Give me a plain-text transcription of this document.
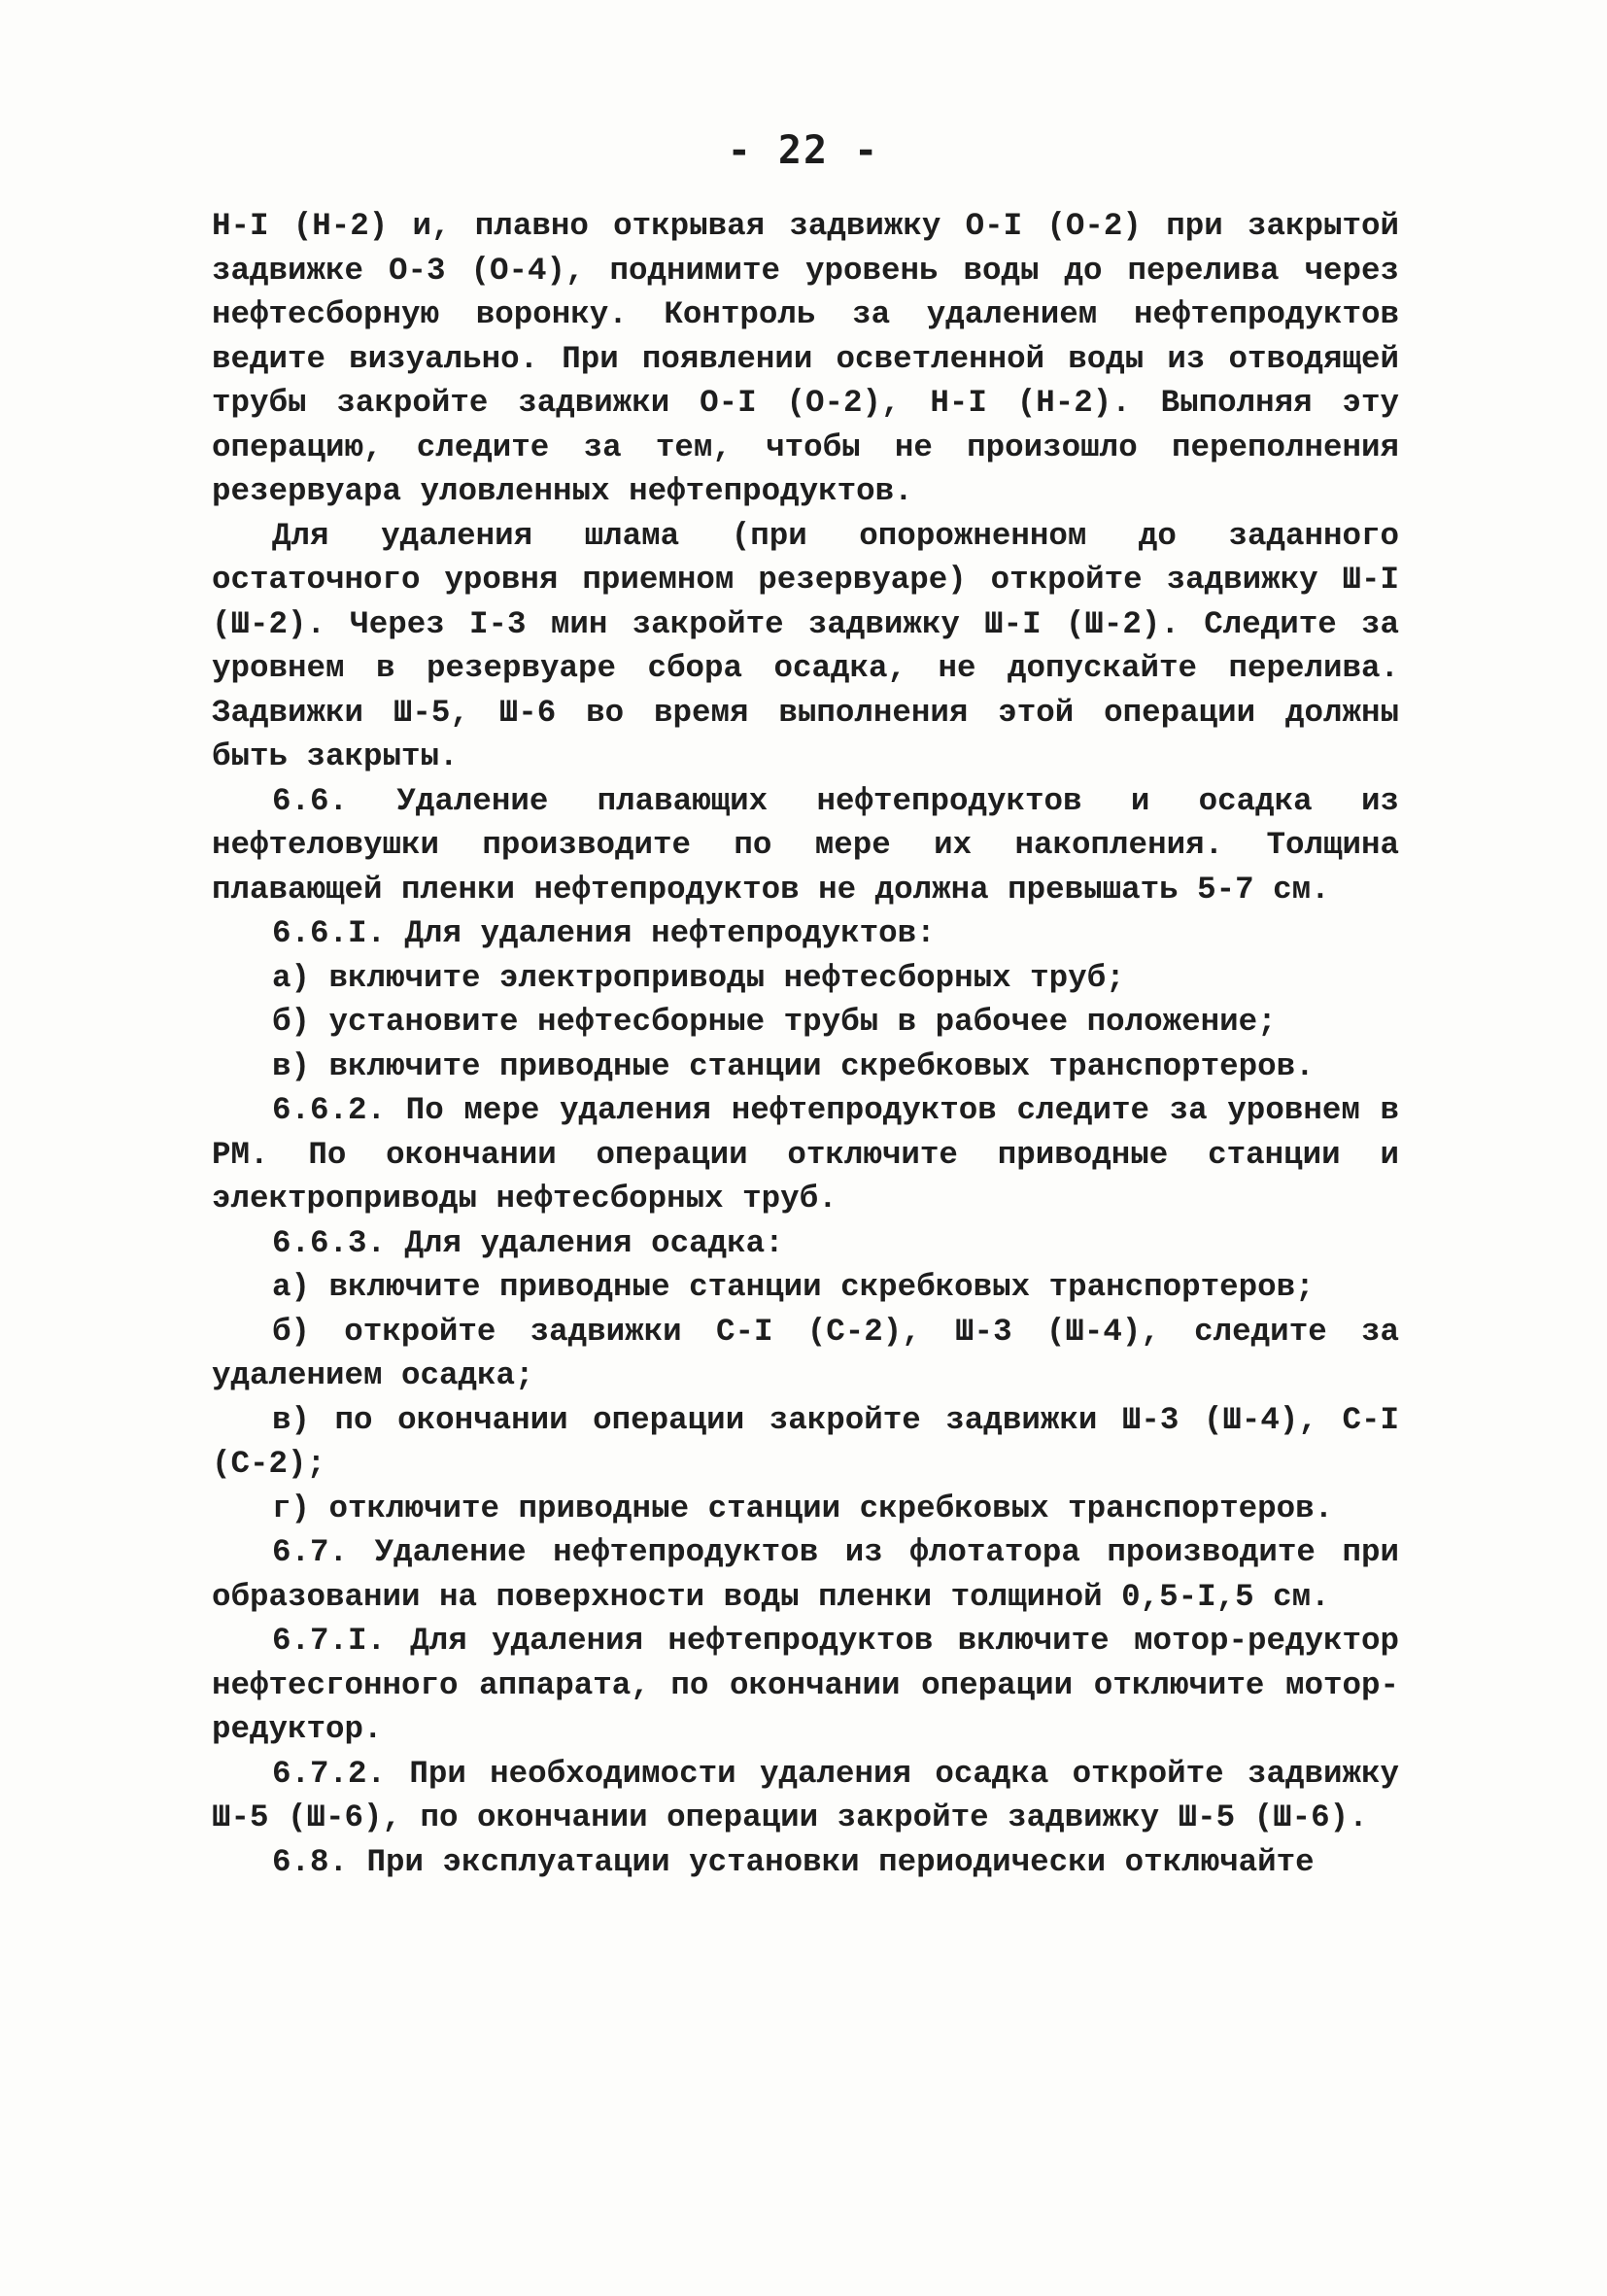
- 22 -

Н-I (Н-2) и, плавно открывая задвижку О-I (О-2) при закрытой задвижке О-3 (О-4), поднимите уровень воды до перелива через нефтесборную воронку. Контроль за удалением нефтепродуктов ведите визуально. При появлении осветленной воды из отводящей трубы закройте задвижки О-I (О-2), Н-I (Н-2). Выполняя эту операцию, следите за тем, чтобы не произошло переполнения резервуара уловленных нефтепродуктов.

Для удаления шлама (при опорожненном до заданного остаточного уровня приемном резервуаре) откройте задвижку Ш-I (Ш-2). Через I-3 мин закройте задвижку Ш-I (Ш-2). Следите за уровнем в резервуаре сбора осадка, не допускайте перелива. Задвижки Ш-5, Ш-6 во время выполнения этой операции должны быть закрыты.

6.6. Удаление плавающих нефтепродуктов и осадка из нефтеловушки производите по мере их накопления. Толщина плавающей пленки нефтепродуктов не должна превышать 5-7 см.

6.6.I. Для удаления нефтепродуктов:

а) включите электроприводы нефтесборных труб;

б) установите нефтесборные трубы в рабочее положение;

в) включите приводные станции скребковых транспортеров.

6.6.2. По мере удаления нефтепродуктов следите за уровнем в РМ. По окончании операции отключите приводные станции и электроприводы нефтесборных труб.

6.6.3. Для удаления осадка:

а) включите приводные станции скребковых транспортеров;

б) откройте задвижки С-I (С-2), Ш-3 (Ш-4), следите за удалением осадка;

в) по окончании операции закройте задвижки Ш-3 (Ш-4), С-I (С-2);

г) отключите приводные станции скребковых транспортеров.

6.7. Удаление нефтепродуктов из флотатора производите при образовании на поверхности воды пленки толщиной 0,5-I,5 см.

6.7.I. Для удаления нефтепродуктов включите мотор-редуктор нефтесгонного аппарата, по окончании операции отключите мотор-редуктор.

6.7.2. При необходимости удаления осадка откройте задвижку Ш-5 (Ш-6), по окончании операции закройте задвижку Ш-5 (Ш-6).

6.8. При эксплуатации установки периодически отключайте
